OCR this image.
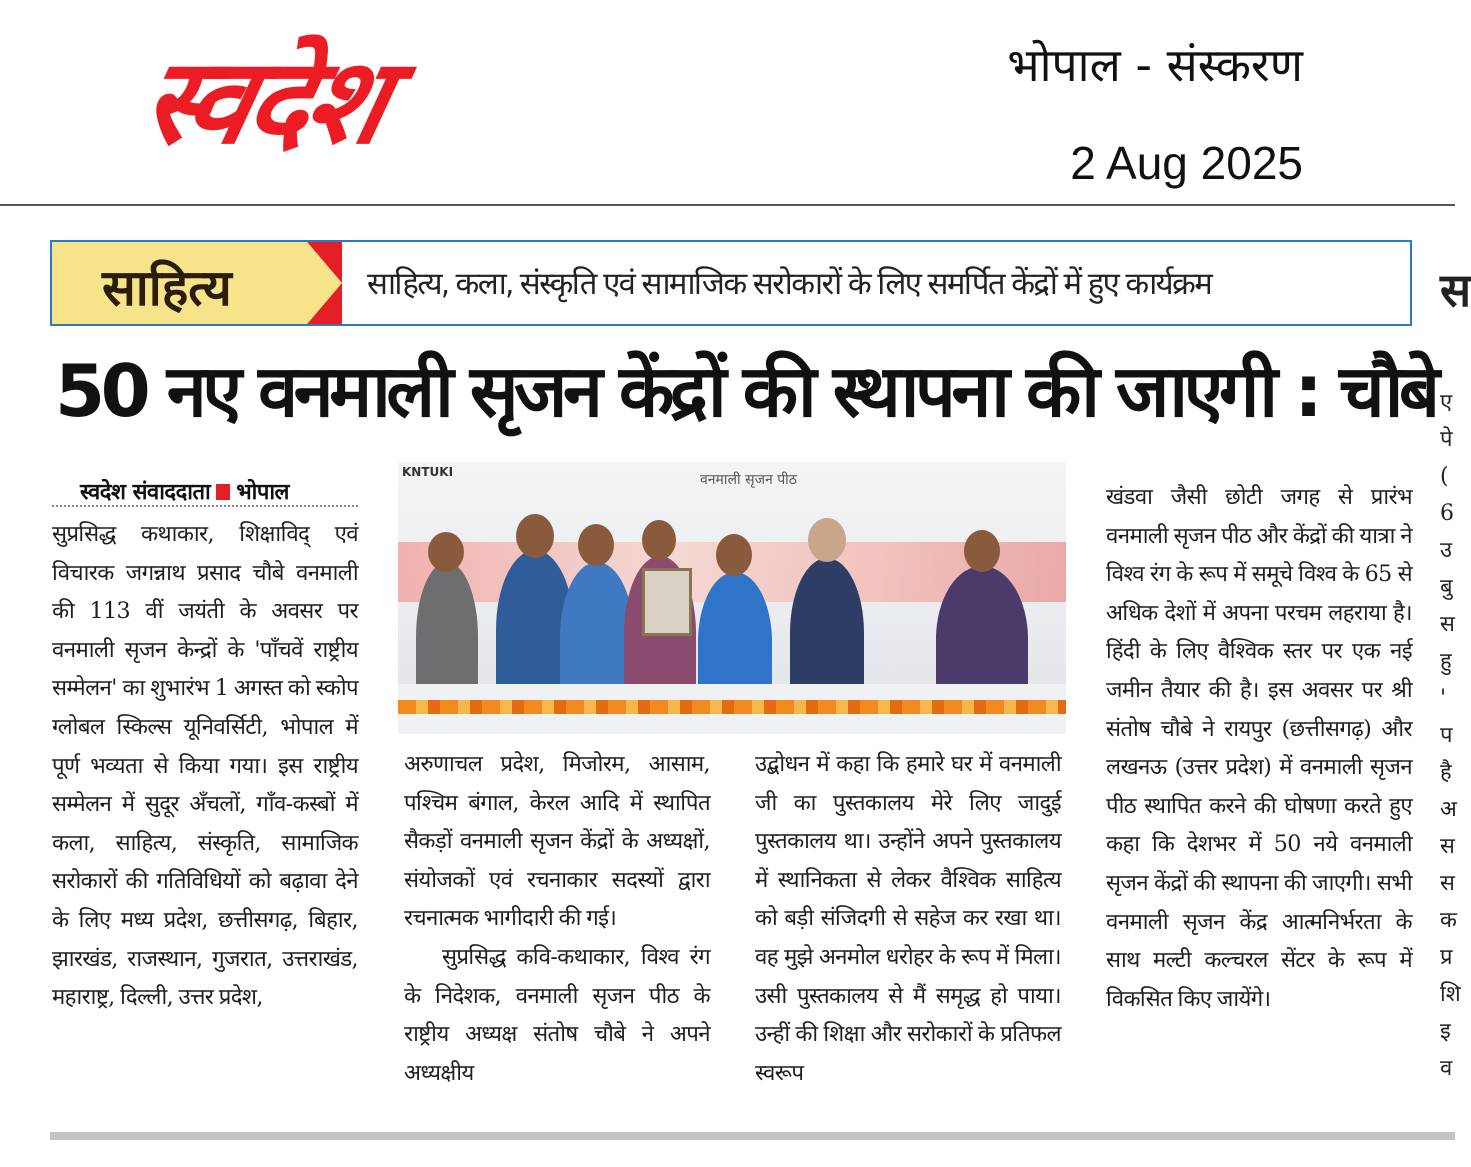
स्वदेश	भोपाल - संस्करण
2 Aug 2025
साहित्य	साहित्य, कला, संस्कृति एवं सामाजिक सरोकारों के लिए समर्पित केंद्रों में हुए कार्यक्रम	स
50 नए वनमाली सृजन केंद्रों की स्थापना की जाएगी : चौबे
स्वदेश संवाददाता भोपाल

सुप्रसिद्ध कथाकार, शिक्षाविद् एवं विचारक जगन्नाथ प्रसाद चौबे वनमाली की 113 वीं जयंती के अवसर पर वनमाली सृजन केन्द्रों के 'पाँचवें राष्ट्रीय सम्मेलन' का शुभारंभ 1 अगस्त को स्कोप ग्लोबल स्किल्स यूनिवर्सिटी, भोपाल में पूर्ण भव्यता से किया गया। इस राष्ट्रीय सम्मेलन में सुदूर अँचलों, गाँव-कस्बों में कला, साहित्य, संस्कृति, सामाजिक सरोकारों की गतिविधियों को बढ़ावा देने के लिए मध्य प्रदेश, छत्तीसगढ़, बिहार, झारखंड, राजस्थान, गुजरात, उत्तराखंड, महाराष्ट्र, दिल्ली, उत्तर प्रदेश,

KNTUKI	वनमाली सृजन पीठ

अरुणाचल प्रदेश, मिजोरम, आसाम, पश्चिम बंगाल, केरल आदि में स्थापित सैकड़ों वनमाली सृजन केंद्रों के अध्यक्षों, संयोजकों एवं रचनाकार सदस्यों द्वारा रचनात्मक भागीदारी की गई।

सुप्रसिद्ध कवि-कथाकार, विश्व रंग के निदेशक, वनमाली सृजन पीठ के राष्ट्रीय अध्यक्ष संतोष चौबे ने अपने अध्यक्षीय

उद्बोधन में कहा कि हमारे घर में वनमाली जी का पुस्तकालय मेरे लिए जादुई पुस्तकालय था। उन्होंने अपने पुस्तकालय में स्थानिकता से लेकर वैश्विक साहित्य को बड़ी संजिदगी से सहेज कर रखा था। वह मुझे अनमोल धरोहर के रूप में मिला। उसी पुस्तकालय से मैं समृद्ध हो पाया। उन्हीं की शिक्षा और सरोकारों के प्रतिफल स्वरूप

खंडवा जैसी छोटी जगह से प्रारंभ वनमाली सृजन पीठ और केंद्रों की यात्रा ने विश्व रंग के रूप में समूचे विश्व के 65 से अधिक देशों में अपना परचम लहराया है। हिंदी के लिए वैश्विक स्तर पर एक नई जमीन तैयार की है। इस अवसर पर श्री संतोष चौबे ने रायपुर (छत्तीसगढ़) और लखनऊ (उत्तर प्रदेश) में वनमाली सृजन पीठ स्थापित करने की घोषणा करते हुए कहा कि देशभर में 50 नये वनमाली सृजन केंद्रों की स्थापना की जाएगी। सभी वनमाली सृजन केंद्र आत्मनिर्भरता के साथ मल्टी कल्चरल सेंटर के रूप में विकसित किए जायेंगे।

ए
पे
(
6
उ
बु
स
हु
'
प
है
अ
स
स
क
प्र
शि
इ
व
